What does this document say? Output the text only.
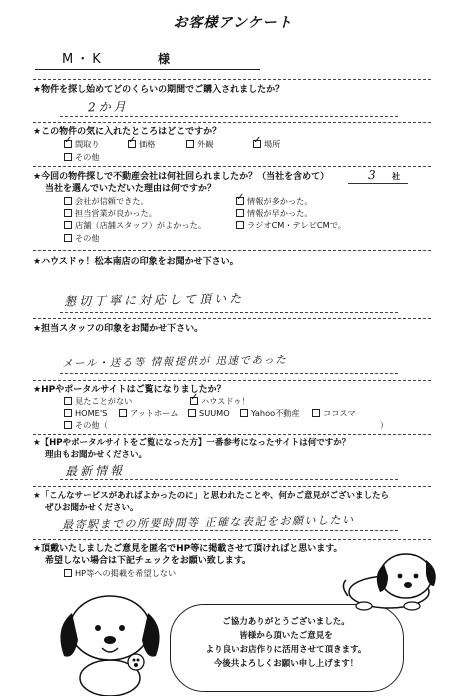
お客様アンケート
M・K	様
★物件を探し始めてどのくらいの期間でご購入されましたか？
2か月
★この物件の気に入れたところはどこですか？
✓間取り ✓	価格	外観 ✓	場所
その他
★今回の物件探しで不動産会社は何社回られましたか？（当社を含めて）
当社を選んでいただいた理由は何ですか？
3 社
会社が信頼できた。 ✓	情報が多かった。
担当営業が良かった。	情報が早かった。
店舗（店舗スタッフ）がよかった。	ラジオCM・テレビCMで。
その他
★ハウスドゥ！松本南店の印象をお聞かせ下さい。
懇切丁寧に対応して頂いた
★担当スタッフの印象をお聞かせ下さい。
メール・送る等 情報提供が 迅速であった
★HPやポータルサイトはご覧になりましたか？
見たことがない ✓	ハウスドゥ！
HOME'S	アットホーム	SUUMO	Yahoo不動産	ココスマ
その他（	）
★【HPやポータルサイトをご覧になった方】一番参考になったサイトは何ですか？
理由もお聞かせください。
最新情報
★「こんなサービスがあればよかったのに」と思われたことや、何かご意見がございましたら
ぜひお聞かせください。
最寄駅までの所要時間等 正確な表記をお願いしたい
★頂戴いたしましたご意見を匿名でHP等に掲載させて頂ければと思います。
希望しない場合は下記チェックをお願い致します。
HP等への掲載を希望しない
ご協力ありがとうございました。
皆様から頂いたご意見を
より良いお店作りに活用させて頂きます。
今後共よろしくお願い申し上げます！
